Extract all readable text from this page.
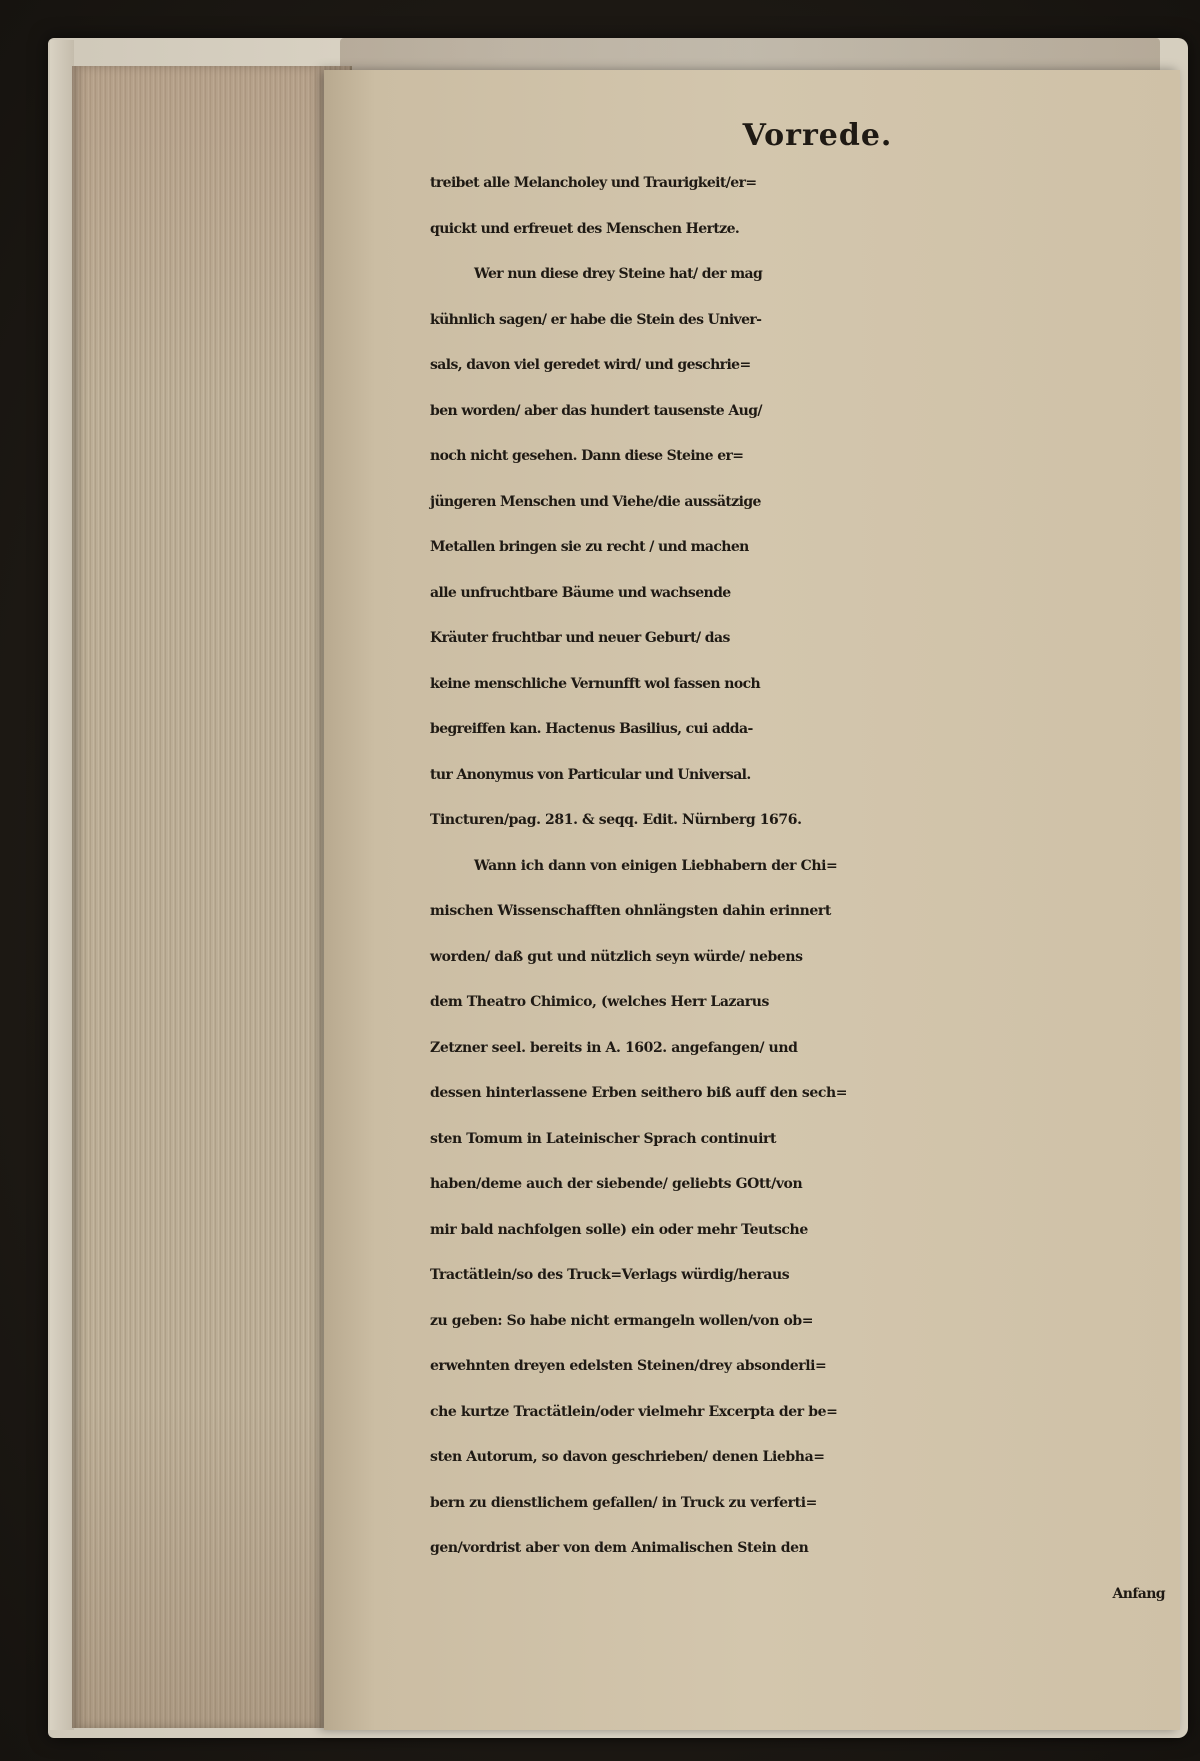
Vorrede.
treibet alle Melancholey und Traurigkeit/er=
quickt und erfreuet des Menschen Hertze.
Wer nun diese drey Steine hat/ der mag
kühnlich sagen/ er habe die Stein des Univer-
sals, davon viel geredet wird/ und geschrie=
ben worden/ aber das hundert tausenste Aug/
noch nicht gesehen. Dann diese Steine er=
jüngeren Menschen und Viehe/die aussätzige
Metallen bringen sie zu recht / und machen
alle unfruchtbare Bäume und wachsende
Kräuter fruchtbar und neuer Geburt/ das
keine menschliche Vernunfft wol fassen noch
begreiffen kan. Hactenus Basilius, cui adda-
tur Anonymus von Particular und Universal.
Tincturen/pag. 281. & seqq. Edit. Nürnberg 1676.
Wann ich dann von einigen Liebhabern der Chi=
mischen Wissenschafften ohnlängsten dahin erinnert
worden/ daß gut und nützlich seyn würde/ nebens
dem Theatro Chimico, (welches Herr Lazarus
Zetzner seel. bereits in A. 1602. angefangen/ und
dessen hinterlassene Erben seithero biß auff den sech=
sten Tomum in Lateinischer Sprach continuirt
haben/deme auch der siebende/ geliebts GOtt/von
mir bald nachfolgen solle) ein oder mehr Teutsche
Tractätlein/so des Truck=Verlags würdig/heraus
zu geben: So habe nicht ermangeln wollen/von ob=
erwehnten dreyen edelsten Steinen/drey absonderli=
che kurtze Tractätlein/oder vielmehr Excerpta der be=
sten Autorum, so davon geschrieben/ denen Liebha=
bern zu dienstlichem gefallen/ in Truck zu verferti=
gen/vordrist aber von dem Animalischen Stein den
Anfang
